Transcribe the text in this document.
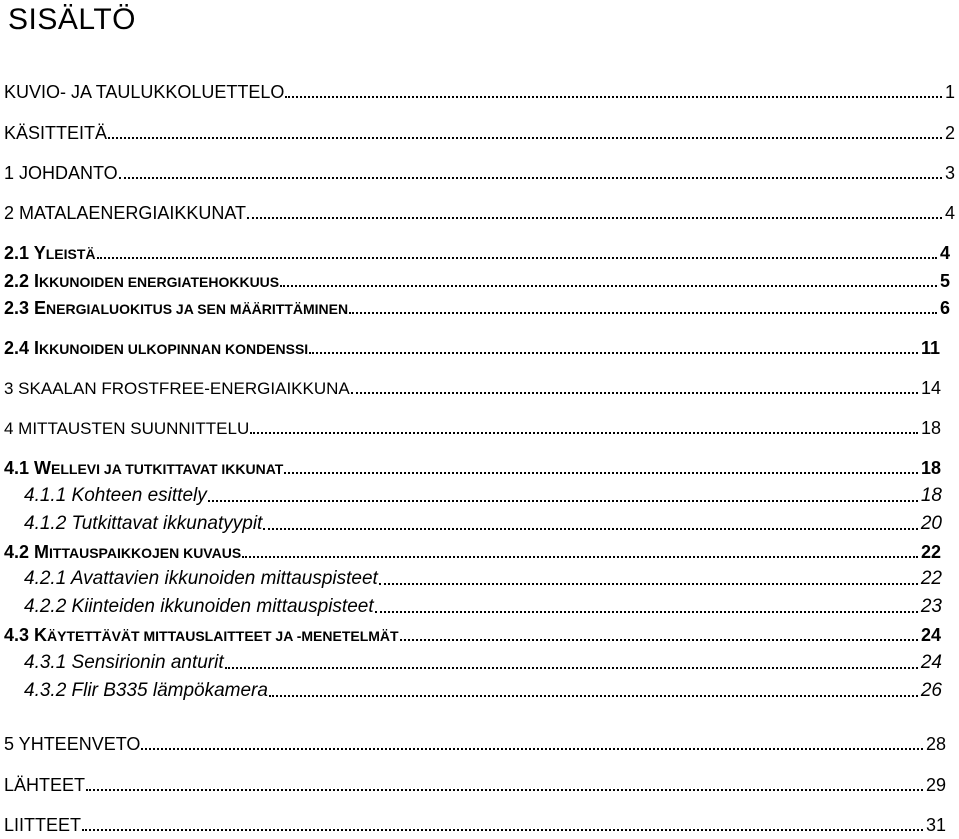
SISÄLTÖ
KUVIO- JA TAULUKKOLUETTELO	1
KÄSITTEITÄ	2
1 JOHDANTO	3
2 MATALAENERGIAIKKUNAT	4
2.1 YLEISTÄ	4
2.2 IKKUNOIDEN ENERGIATEHOKKUUS	5
2.3 ENERGIALUOKITUS JA SEN MÄÄRITTÄMINEN	6
2.4 IKKUNOIDEN ULKOPINNAN KONDENSSI	11
3 SKAALAN FROSTFREE-ENERGIAIKKUNA	14
4 MITTAUSTEN SUUNNITTELU	18
4.1 WELLEVI JA TUTKITTAVAT IKKUNAT	18
4.1.1 Kohteen esittely	18
4.1.2 Tutkittavat ikkunatyypit	20
4.2 MITTAUSPAIKKOJEN KUVAUS	22
4.2.1 Avattavien ikkunoiden mittauspisteet	22
4.2.2 Kiinteiden ikkunoiden mittauspisteet	23
4.3 KÄYTETTÄVÄT MITTAUSLAITTEET JA -MENETELMÄT	24
4.3.1 Sensirionin anturit	24
4.3.2 Flir B335 lämpökamera	26
5 YHTEENVETO	28
LÄHTEET	29
LIITTEET	31
